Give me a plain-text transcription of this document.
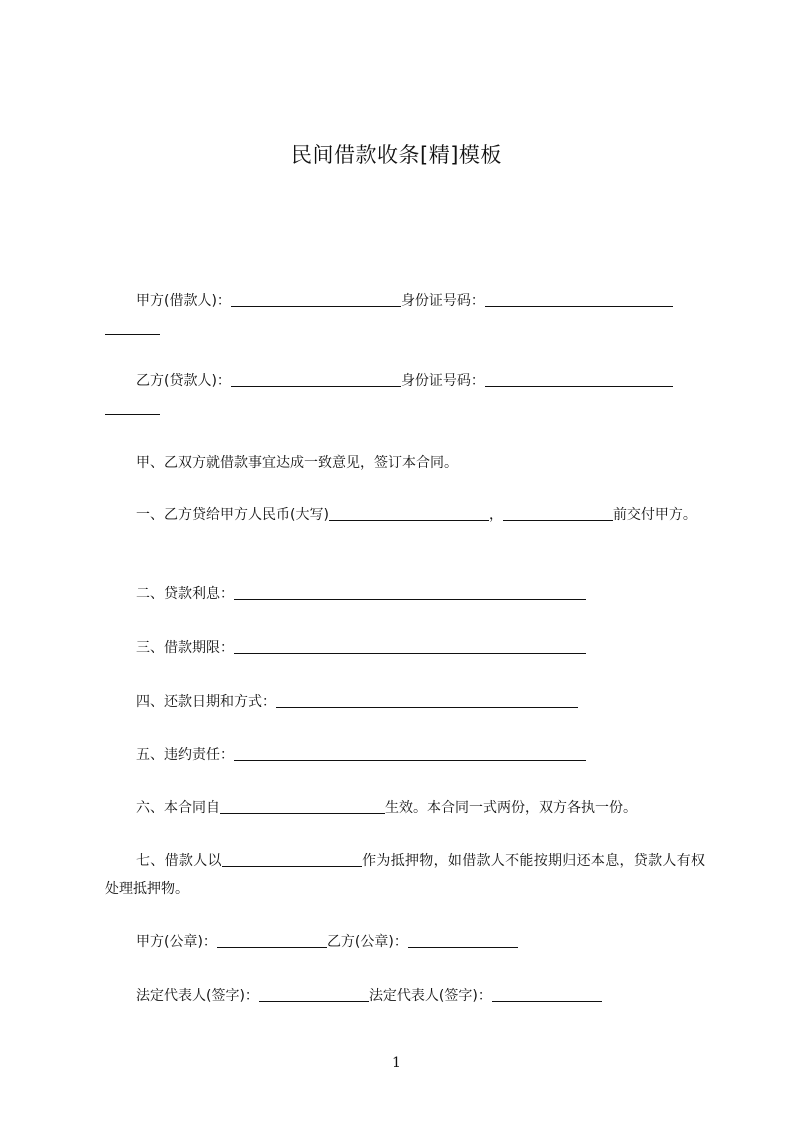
民间借款收条[精]模板

甲方(借款人)：	身份证号码：

乙方(贷款人)：	身份证号码：

甲、乙双方就借款事宜达成一致意见，签订本合同。

一、乙方贷给甲方人民币(大写)	，	前交付甲方。

二、贷款利息：

三、借款期限：

四、还款日期和方式：

五、违约责任：

六、本合同自	生效。本合同一式两份，双方各执一份。

七、借款人以	作为抵押物，如借款人不能按期归还本息，贷款人有权处理抵押物。

甲方(公章)：	乙方(公章)：

法定代表人(签字)：	法定代表人(签字)：

1
